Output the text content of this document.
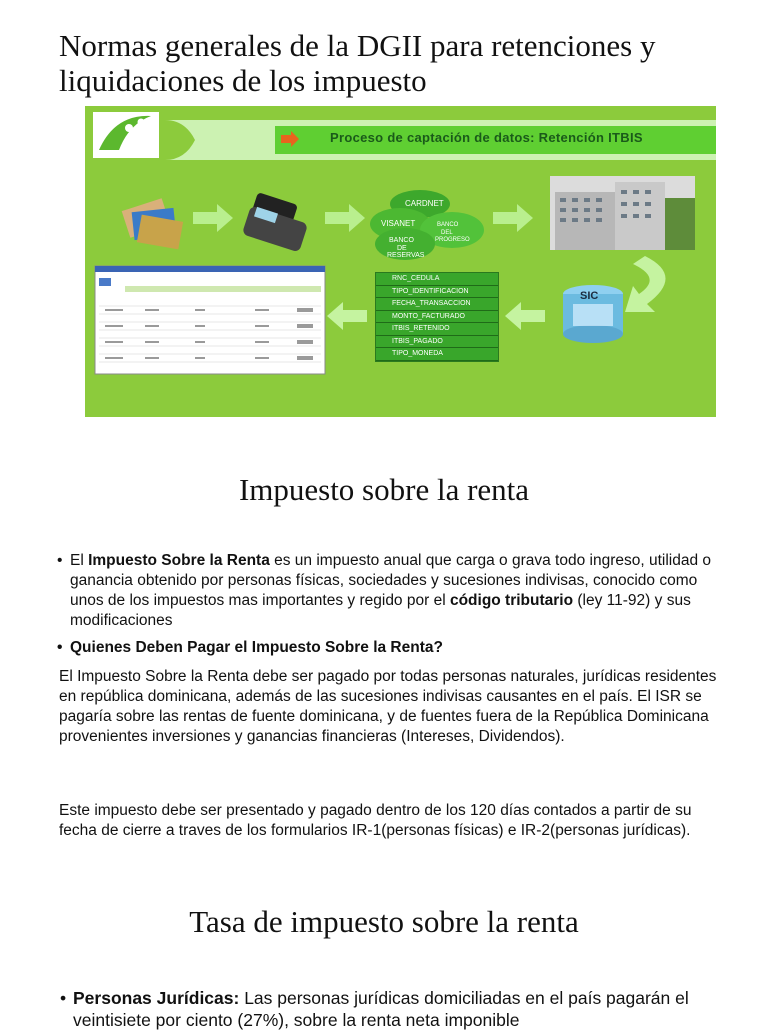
Normas generales de la DGII para retenciones y liquidaciones de los impuesto
CARDNET
VISANET	BANCO
DEL
PROGRESO
BANCO
DE
RESERVAS
SIC
Proceso de captación de datos: Retención ITBIS
RNC_CEDULA
TIPO_IDENTIFICACION
FECHA_TRANSACCION
MONTO_FACTURADO
ITBIS_RETENIDO
ITBIS_PAGADO
TIPO_MONEDA
Impuesto sobre la renta
• El Impuesto Sobre la Renta es un impuesto anual que carga o grava todo ingreso, utilidad o ganancia obtenido por personas físicas, sociedades y sucesiones indivisas, conocido como unos de los impuestos mas importantes y regido por el código tributario (ley 11-92) y sus modificaciones
• Quienes Deben Pagar el Impuesto Sobre la Renta?
El Impuesto Sobre la Renta debe ser pagado por todas personas naturales, jurídicas residentes en república dominicana, además de las sucesiones indivisas causantes en el país. El ISR se pagaría sobre las rentas de fuente dominicana, y de fuentes fuera de la República Dominicana provenientes inversiones y ganancias financieras (Intereses, Dividendos).
Este impuesto debe ser presentado y pagado dentro de los 120 días contados a partir de su fecha de cierre a traves de los formularios IR-1(personas físicas) e IR-2(personas jurídicas).
Tasa de impuesto sobre la renta
• Personas Jurídicas: Las personas jurídicas domiciliadas en el país pagarán el veintisiete por ciento (27%), sobre la renta neta imponible
